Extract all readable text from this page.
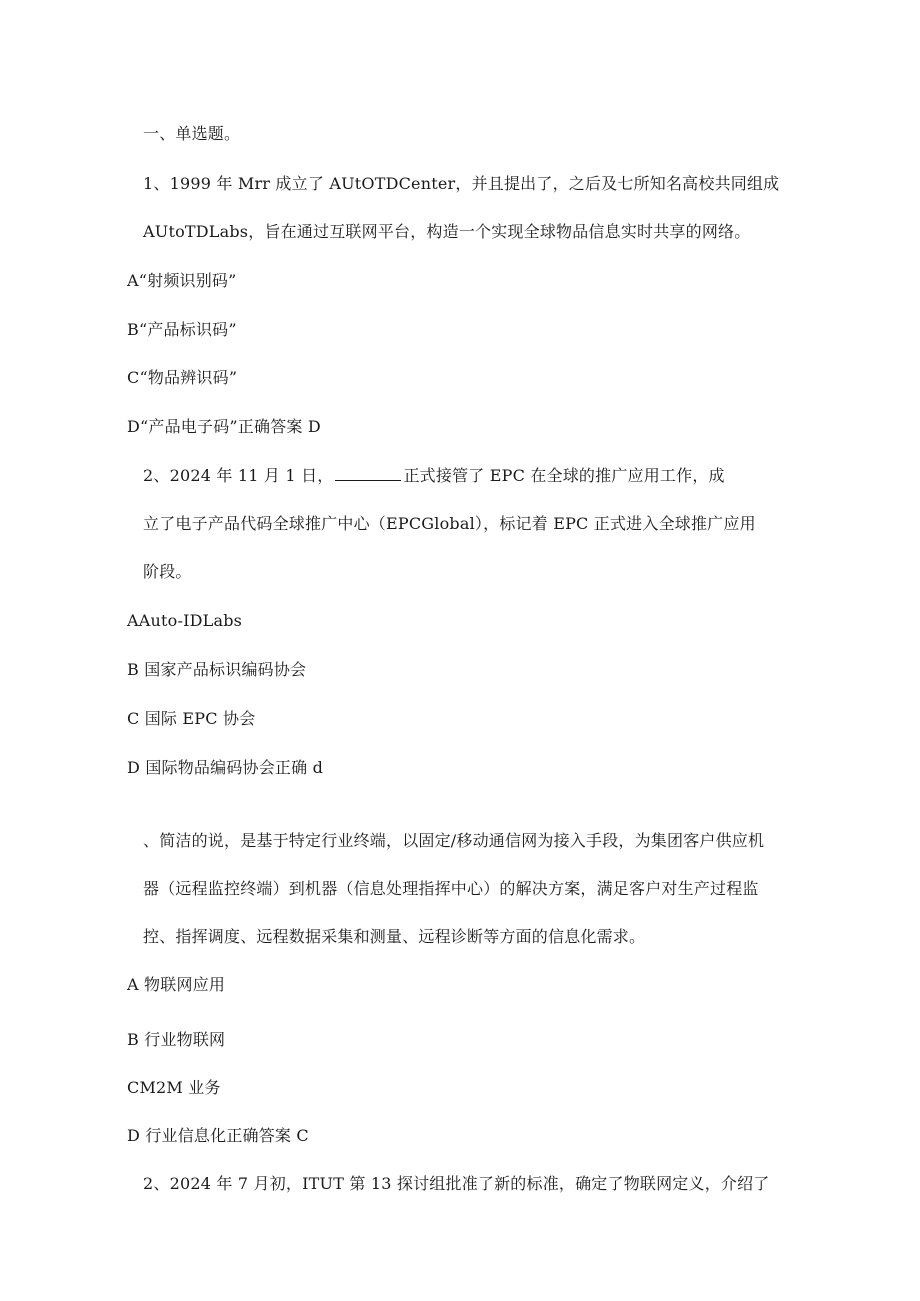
一、单选题。
1、1999 年 Mrr 成立了 AUtOTDCenter，并且提出了，之后及七所知名高校共同组成
AUtoTDLabs，旨在通过互联网平台，构造一个实现全球物品信息实时共享的网络。
A“射频识别码”
B“产品标识码”
C“物品辨识码”
D“产品电子码”正确答案 D
2、2024 年 11 月 1 日，	正式接管了 EPC 在全球的推广应用工作，成
立了电子产品代码全球推广中心（EPCGlobal），标记着 EPC 正式进入全球推广应用
阶段。
AAuto-IDLabs
B 国家产品标识编码协会
C 国际 EPC 协会
D 国际物品编码协会正确 d
、简洁的说，是基于特定行业终端，以固定/移动通信网为接入手段，为集团客户供应机
器（远程监控终端）到机器（信息处理指挥中心）的解决方案，满足客户对生产过程监
控、指挥调度、远程数据采集和测量、远程诊断等方面的信息化需求。
A 物联网应用
B 行业物联网
CM2M 业务
D 行业信息化正确答案 C
2、2024 年 7 月初，ITUT 第 13 探讨组批准了新的标准，确定了物联网定义，介绍了
